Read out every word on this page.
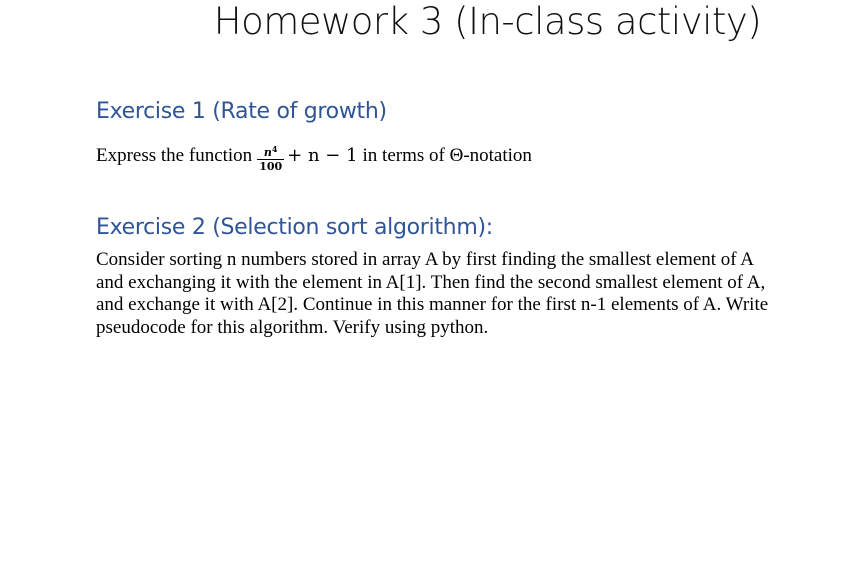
Homework 3 (In-class activity)
Exercise 1 (Rate of growth)
Express the function $\frac{n^4}{100} + n - 1$ in terms of Θ-notation
Exercise 2 (Selection sort algorithm):
Consider sorting n numbers stored in array A by first finding the smallest element of A and exchanging it with the element in A[1]. Then find the second smallest element of A, and exchange it with A[2]. Continue in this manner for the first n-1 elements of A. Write pseudocode for this algorithm. Verify using python.
